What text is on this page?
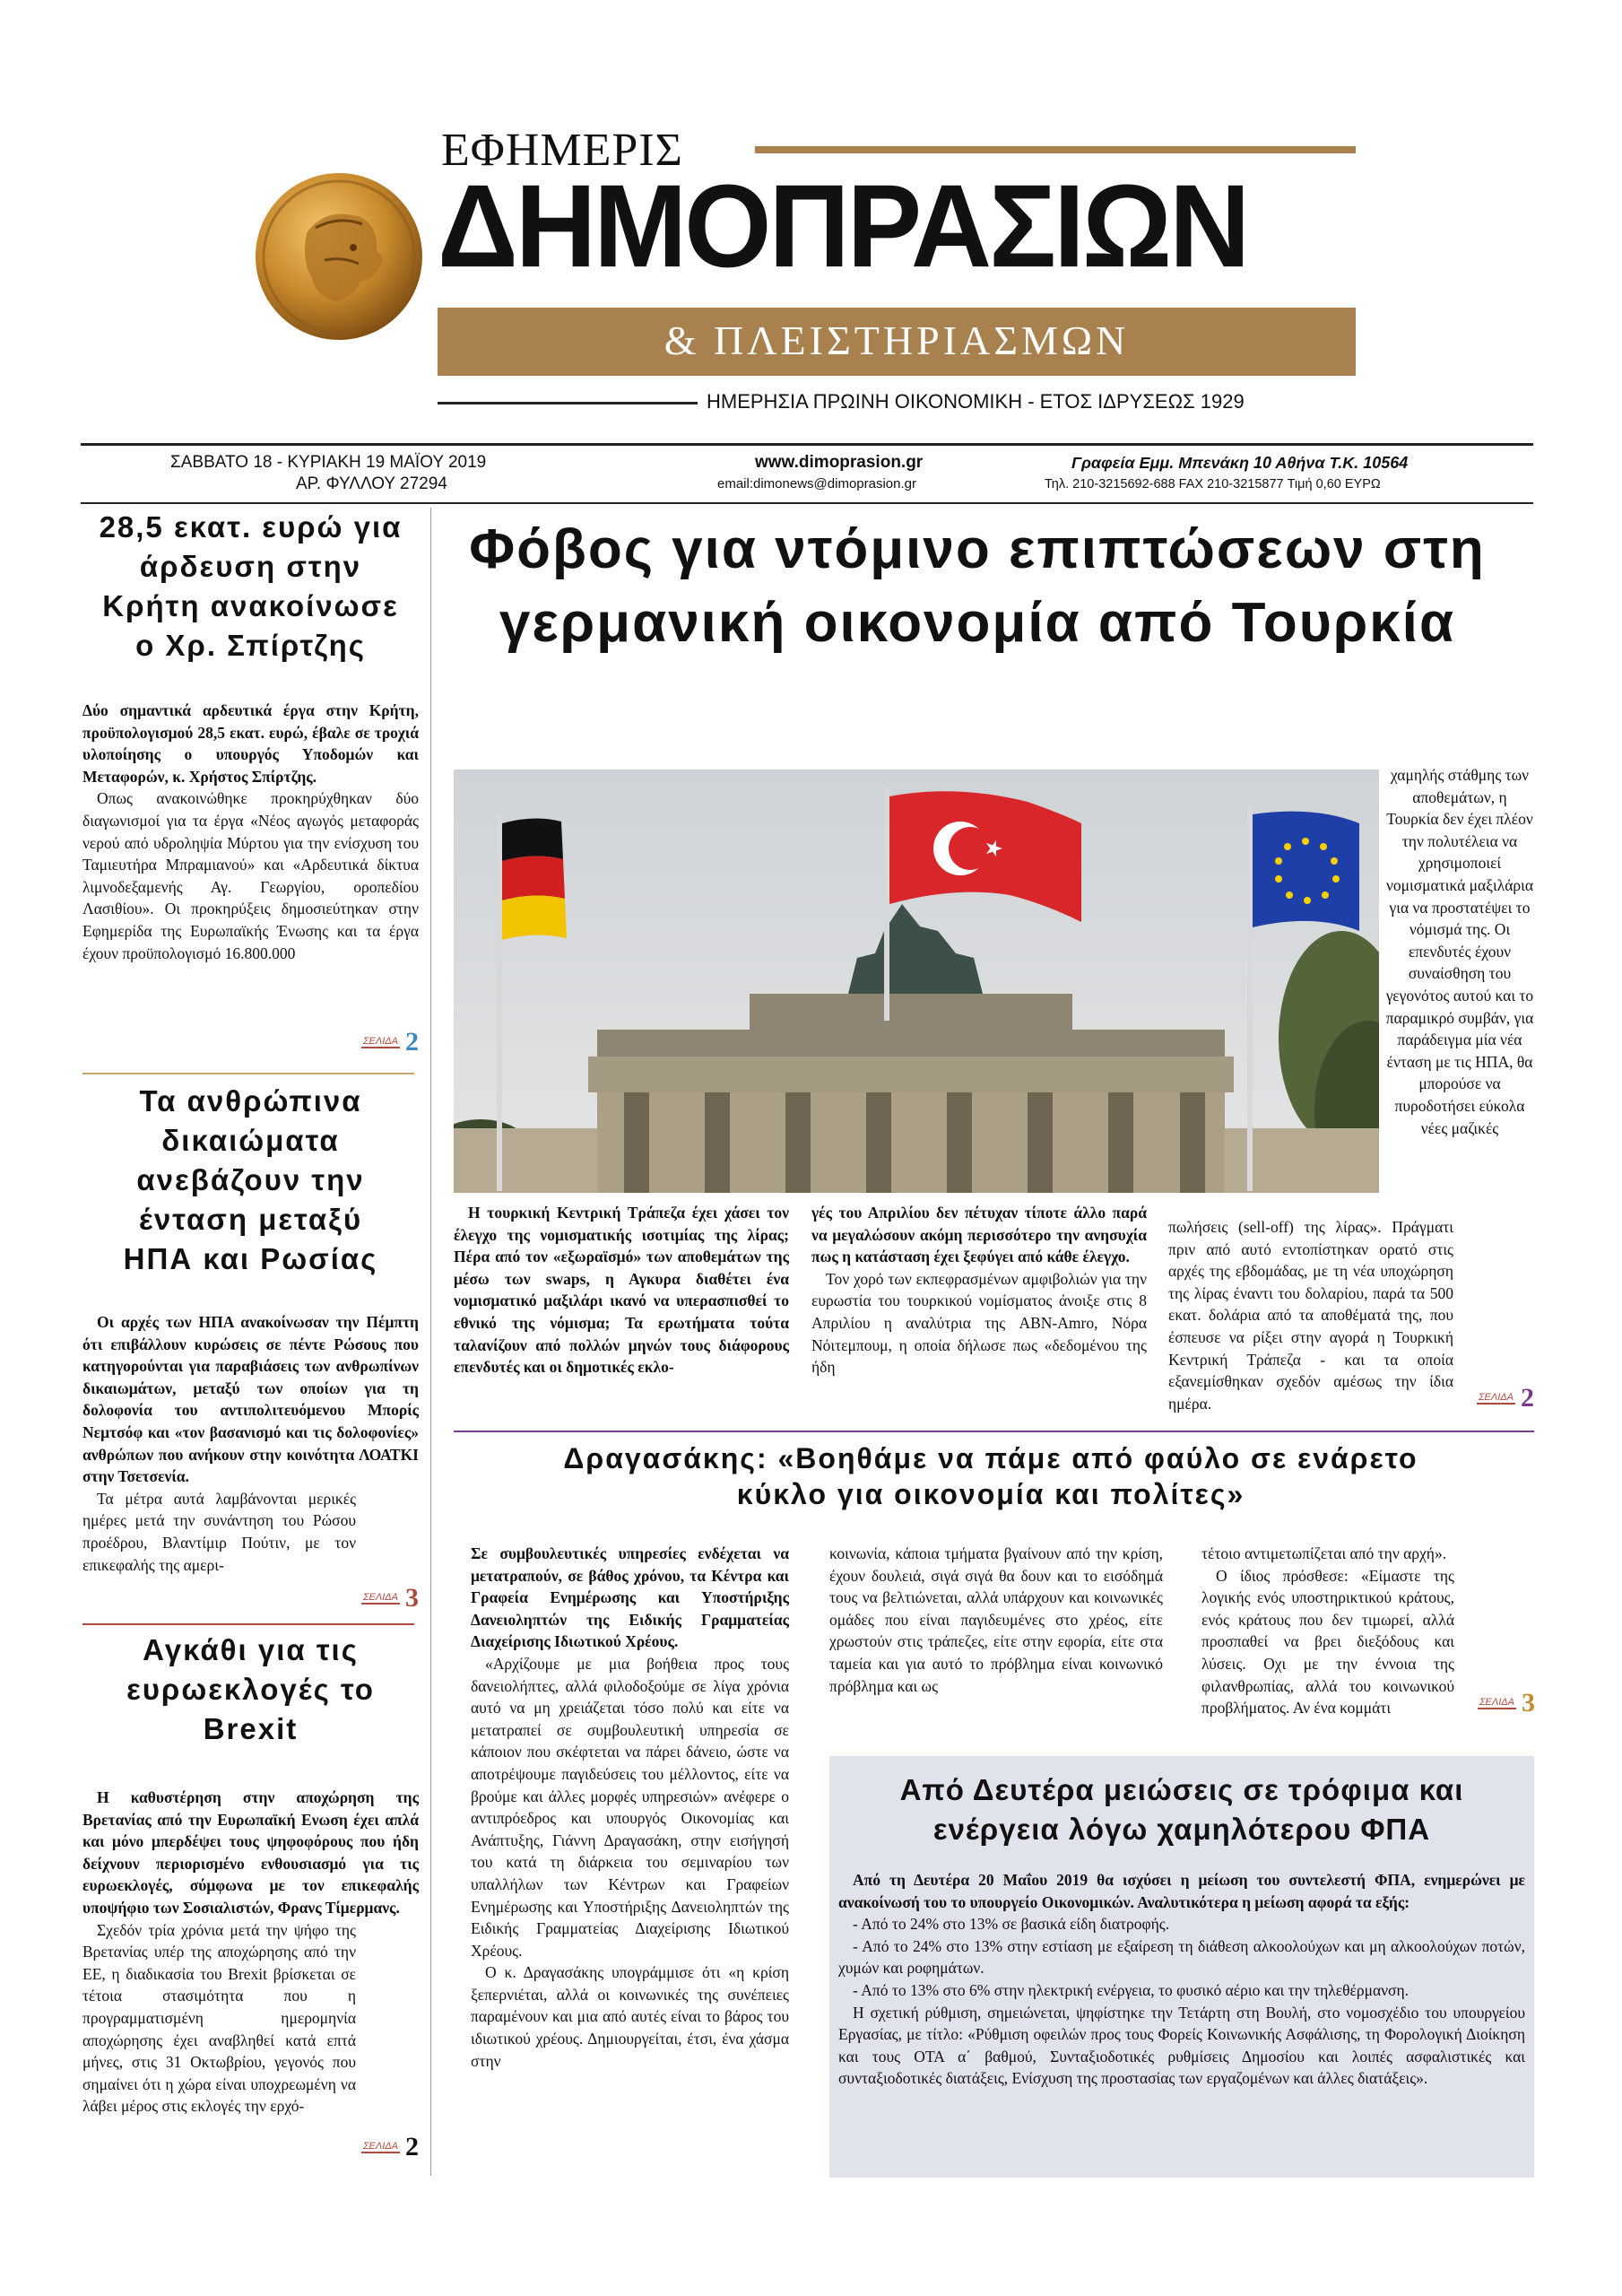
ΕΦΗΜΕΡΙΣ
ΔΗΜΟΠΡΑΣΙΩΝ
& ΠΛΕΙΣΤΗΡΙΑΣΜΩΝ
ΗΜΕΡΗΣΙΑ ΠΡΩΙΝΗ ΟΙΚΟΝΟΜΙΚΗ - ΕΤΟΣ ΙΔΡΥΣΕΩΣ 1929
ΣΑΒΒΑΤΟ 18 - ΚΥΡΙΑΚΗ 19 ΜΑΪΟΥ 2019
ΑΡ. ΦΥΛΛΟΥ 27294
www.dimoprasion.gr
email:dimonews@dimoprasion.gr
Γραφεία Εμμ. Μπενάκη 10 Αθήνα Τ.Κ. 10564
Τηλ. 210-3215692-688 FAX 210-3215877 Τιμή 0,60 ΕΥΡΩ
28,5 εκατ. ευρώ για άρδευση στην Κρήτη ανακοίνωσε ο Χρ. Σπίρτζης

Δύο σημαντικά αρδευτικά έργα στην Κρήτη, προϋπολογισμού 28,5 εκατ. ευρώ, έβαλε σε τροχιά υλοποίησης ο υπουργός Υποδομών και Μεταφορών, κ. Χρήστος Σπίρτζης.

Οπως ανακοινώθηκε προκηρύχθηκαν δύο διαγωνισμοί για τα έργα «Νέος αγωγός μεταφοράς νερού από υδροληψία Μύρτου για την ενίσχυση του Ταμιευτήρα Μπραμιανού» και «Αρδευτικά δίκτυα λιμνοδεξαμενής Αγ. Γεωργίου, οροπεδίου Λασιθίου». Οι προκηρύξεις δημοσιεύτηκαν στην Εφημερίδα της Ευρωπαϊκής Ένωσης και τα έργα έχουν προϋπολογισμό 16.800.000

ΣΕΛΙΔΑ 2
Τα ανθρώπινα δικαιώματα ανεβάζουν την ένταση μεταξύ ΗΠΑ και Ρωσίας

Οι αρχές των ΗΠΑ ανακοίνωσαν την Πέμπτη ότι επιβάλλουν κυρώσεις σε πέντε Ρώσους που κατηγορούνται για παραβιάσεις των ανθρωπίνων δικαιωμάτων, μεταξύ των οποίων για τη δολοφονία του αντιπολιτευόμενου Μπορίς Νεμτσόφ και «τον βασανισμό και τις δολοφονίες» ανθρώπων που ανήκουν στην κοινότητα ΛΟΑΤΚΙ στην Τσετσενία.

Τα μέτρα αυτά λαμβάνονται μερικές ημέρες μετά την συνάντηση του Ρώσου προέδρου, Βλαντίμιρ Πούτιν, με τον επικεφαλής της αμερι-

ΣΕΛΙΔΑ 3
Αγκάθι για τις ευρωεκλογές το Brexit

Η καθυστέρηση στην αποχώρηση της Βρετανίας από την Ευρωπαϊκή Ενωση έχει απλά και μόνο μπερδέψει τους ψηφοφόρους που ήδη δείχνουν περιορισμένο ενθουσιασμό για τις ευρωεκλογές, σύμφωνα με τον επικεφαλής υποψήφιο των Σοσιαλιστών, Φρανς Τίμερμανς.

Σχεδόν τρία χρόνια μετά την ψήφο της Βρετανίας υπέρ της αποχώρησης από την ΕΕ, η διαδικασία του Brexit βρίσκεται σε τέτοια στασιμότητα που η προγραμματισμένη ημερομηνία αποχώρησης έχει αναβληθεί κατά επτά μήνες, στις 31 Οκτωβρίου, γεγονός που σημαίνει ότι η χώρα είναι υποχρεωμένη να λάβει μέρος στις εκλογές την ερχό-

ΣΕΛΙΔΑ 2
Φόβος για ντόμινο επιπτώσεων στη γερμανική οικονομία από Τουρκία

Η τουρκική Κεντρική Τράπεζα έχει χάσει τον έλεγχο της νομισματικής ισοτιμίας της λίρας; Πέρα από τον «εξωραϊσμό» των αποθεμάτων της μέσω των swaps, η Αγκυρα διαθέτει ένα νομισματικό μαξιλάρι ικανό να υπερασπισθεί το εθνικό της νόμισμα; Τα ερωτήματα τούτα ταλανίζουν από πολλών μηνών τους διάφορους επενδυτές και οι δημοτικές εκλο-

γές του Απριλίου δεν πέτυχαν τίποτε άλλο παρά να μεγαλώσουν ακόμη περισσότερο την ανησυχία πως η κατάσταση έχει ξεφύγει από κάθε έλεγχο.

Τον χορό των εκπεφρασμένων αμφιβολιών για την ευρωστία του τουρκικού νομίσματος άνοιξε στις 8 Απριλίου η αναλύτρια της ABN-Amro, Νόρα Νόιτεμπουμ, η οποία δήλωσε πως «δεδομένου της ήδη

χαμηλής στάθμης των αποθεμάτων, η Τουρκία δεν έχει πλέον την πολυτέλεια να χρησιμοποιεί νομισματικά μαξιλάρια για να προστατέψει το νόμισμά της. Οι επενδυτές έχουν συναίσθηση του γεγονότος αυτού και το παραμικρό συμβάν, για παράδειγμα μία νέα ένταση με τις ΗΠΑ, θα μπορούσε να πυροδοτήσει εύκολα νέες μαζικές

πωλήσεις (sell-off) της λίρας». Πράγματι πριν από αυτό εντοπίστηκαν ορατό στις αρχές της εβδομάδας, με τη νέα υποχώρηση της λίρας έναντι του δολαρίου, παρά τα 500 εκατ. δολάρια από τα αποθέματά της, που έσπευσε να ρίξει στην αγορά η Τουρκική Κεντρική Τράπεζα - και τα οποία εξανεμίσθηκαν σχεδόν αμέσως την ίδια ημέρα.	ΣΕΛΙΔΑ 2
Δραγασάκης: «Βοηθάμε να πάμε από φαύλο σε ενάρετο
κύκλο για οικονομία και πολίτες»

Σε συμβουλευτικές υπηρεσίες ενδέχεται να μετατραπούν, σε βάθος χρόνου, τα Κέντρα και Γραφεία Ενημέρωσης και Υποστήριξης Δανειοληπτών της Ειδικής Γραμματείας Διαχείρισης Ιδιωτικού Χρέους.

«Αρχίζουμε με μια βοήθεια προς τους δανειολήπτες, αλλά φιλοδοξούμε σε λίγα χρόνια αυτό να μη χρειάζεται τόσο πολύ και είτε να μετατραπεί σε συμβουλευτική υπηρεσία σε κάποιον που σκέφτεται να πάρει δάνειο, ώστε να αποτρέψουμε παγιδεύσεις του μέλλοντος, είτε να βρούμε και άλλες μορφές υπηρεσιών» ανέφερε ο αντιπρόεδρος και υπουργός Οικονομίας και Ανάπτυξης, Γιάννη Δραγασάκη, στην εισήγησή του κατά τη διάρκεια του σεμιναρίου των υπαλλήλων των Κέντρων και Γραφείων Ενημέρωσης και Υποστήριξης Δανειοληπτών της Ειδικής Γραμματείας Διαχείρισης Ιδιωτικού Χρέους.

Ο κ. Δραγασάκης υπογράμμισε ότι «η κρίση ξεπερνιέται, αλλά οι κοινωνικές της συνέπειες παραμένουν και μια από αυτές είναι το βάρος του ιδιωτικού χρέους. Δημιουργείται, έτσι, ένα χάσμα στην

κοινωνία, κάποια τμήματα βγαίνουν από την κρίση, έχουν δουλειά, σιγά σιγά θα δουν και το εισόδημά τους να βελτιώνεται, αλλά υπάρχουν και κοινωνικές ομάδες που είναι παγιδευμένες στο χρέος, είτε χρωστούν στις τράπεζες, είτε στην εφορία, είτε στα ταμεία και για αυτό το πρόβλημα είναι κοινωνικό πρόβλημα και ως

τέτοιο αντιμετωπίζεται από την αρχή».

Ο ίδιος πρόσθεσε: «Είμαστε της λογικής ενός υποστηρικτικού κράτους, ενός κράτους που δεν τιμωρεί, αλλά προσπαθεί να βρει διεξόδους και λύσεις. Οχι με την έννοια της φιλανθρωπίας, αλλά του κοινωνικού προβλήματος. Αν ένα κομμάτι	ΣΕΛΙΔΑ 3
Από Δευτέρα μειώσεις σε τρόφιμα και ενέργεια λόγω χαμηλότερου ΦΠΑ

Από τη Δευτέρα 20 Μαΐου 2019 θα ισχύσει η μείωση του συντελεστή ΦΠΑ, ενημερώνει με ανακοίνωσή του το υπουργείο Οικονομικών. Αναλυτικότερα η μείωση αφορά τα εξής:

- Από το 24% στο 13% σε βασικά είδη διατροφής.

- Από το 24% στο 13% στην εστίαση με εξαίρεση τη διάθεση αλκοολούχων και μη αλκοολούχων ποτών, χυμών και ροφημάτων.

- Από το 13% στο 6% στην ηλεκτρική ενέργεια, το φυσικό αέριο και την τηλεθέρμανση.

Η σχετική ρύθμιση, σημειώνεται, ψηφίστηκε την Τετάρτη στη Βουλή, στο νομοσχέδιο του υπουργείου Εργασίας, με τίτλο: «Ρύθμιση οφειλών προς τους Φορείς Κοινωνικής Ασφάλισης, τη Φορολογική Διοίκηση και τους ΟΤΑ α΄ βαθμού, Συνταξιοδοτικές ρυθμίσεις Δημοσίου και λοιπές ασφαλιστικές και συνταξιοδοτικές διατάξεις, Ενίσχυση της προστασίας των εργαζομένων και άλλες διατάξεις».
